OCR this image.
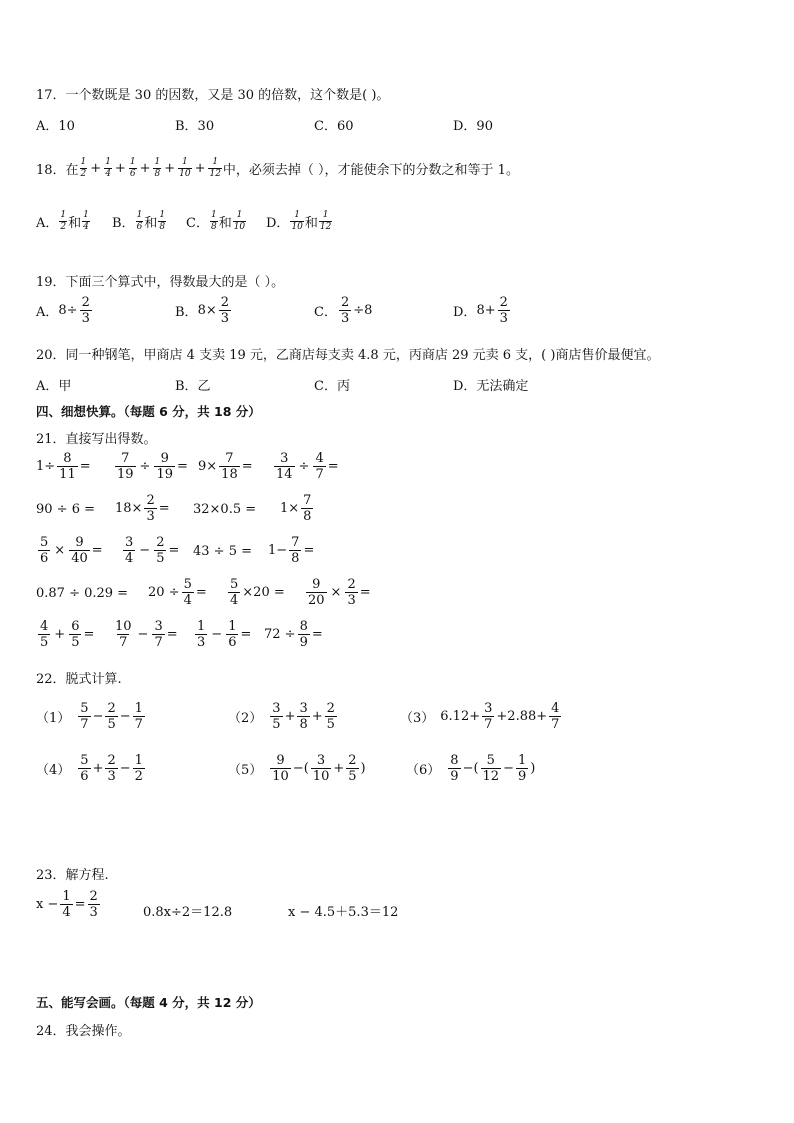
17．一个数既是 30 的因数，又是 30 的倍数，这个数是( )。
A．10	B．30	C．60	D．90
18．在 $\frac{1}{2} + \frac{1}{4} + \frac{1}{6} + \frac{1}{8} + \frac{1}{10} + \frac{1}{12}$ 中，必须去掉（ ），才能使余下的分数之和等于 1。
A． $\frac{1}{2}$ 和 $\frac{1}{4}$ B． $\frac{1}{6}$ 和 $\frac{1}{8}$ C． $\frac{1}{8}$ 和 $\frac{1}{10}$ D． $\frac{1}{10}$ 和 $\frac{1}{12}$
19．下面三个算式中，得数最大的是（ ）。
A． $8\div \frac{2}{3}$	B． $8\times \frac{2}{3}$	C． $\frac{2}{3} \div 8$	D． $8+ \frac{2}{3}$
20．同一种钢笔，甲商店 4 支卖 19 元，乙商店每支卖 4.8 元，丙商店 29 元卖 6 支，( )商店售价最便宜。
A．甲	B．乙	C．丙	D．无法确定
四、细想快算。（每题 6 分，共 18 分）
21．直接写出得数。
$1\div \frac{8}{11} = \frac{7}{19} \div \frac{9}{19} = 9\times \frac{7}{18} = \frac{3}{14} \div \frac{4}{7}$ =
$90 \div 6 = 18\times \frac{2}{3} = 32\times 0.5 = 1\times \frac{7}{8}$
$\frac{5}{6} \times \frac{9}{40} = \frac{3}{4} - \frac{2}{5} = 43 \div 5 = 1- \frac{7}{8}$ =
$0.87 \div 0.29 = 20 \div \frac{5}{4} = \frac{5}{4} \times 20 = \frac{9}{20} \times \frac{2}{3}$ =
$\frac{4}{5} + \frac{6}{5} = \frac{10}{7} - \frac{3}{7} = \frac{1}{3} - \frac{1}{6} = 72 \div \frac{8}{9}$ =
22．脱式计算.
$(1) \frac{5}{7} - \frac{2}{5} - \frac{1}{7}$	$(2) \frac{3}{5} + \frac{3}{8} + \frac{2}{5}$	（3） $6.12+ \frac{3}{7} +2.88+ \frac{4}{7}$
$(4) \frac{5}{6} + \frac{2}{3} - \frac{1}{2}$	$(5) \frac{9}{10}$ −( $\frac{3}{10} + \frac{2}{5}$ )	$(6) \frac{8}{9}$ −( $\frac{5}{12} - \frac{1}{9}$ )
23．解方程.
$x - \frac{1}{4} = \frac{2}{3}$	0.8x÷2＝12.8	x − 4.5＋5.3＝12
五、能写会画。（每题 4 分，共 12 分）
24．我会操作。
